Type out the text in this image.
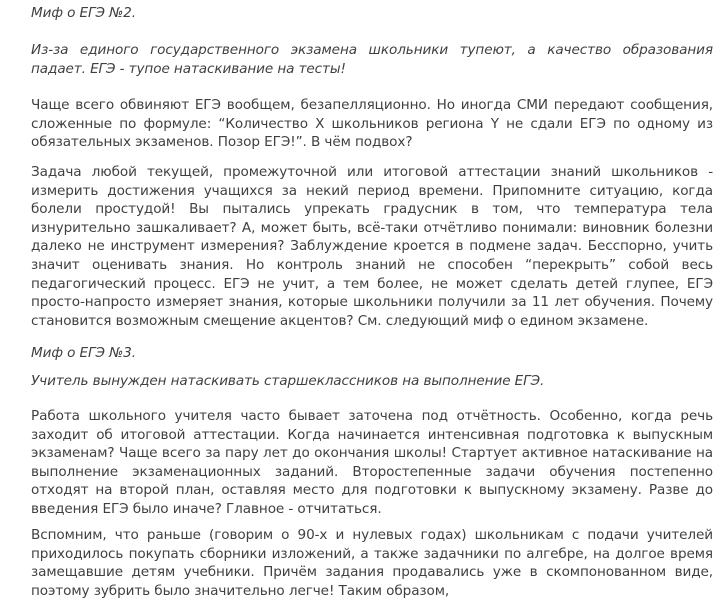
Миф о ЕГЭ №2.

Из-за единого государственного экзамена школьники тупеют, а качество образования падает. ЕГЭ - тупое натаскивание на тесты!

Чаще всего обвиняют ЕГЭ вообщем, безапелляционно. Но иногда СМИ передают сообщения, сложенные по формуле: “Количество X школьников региона Y не сдали ЕГЭ по одному из обязательных экзаменов. Позор ЕГЭ!”. В чём подвох?

Задача любой текущей, промежуточной или итоговой аттестации знаний школьников - измерить достижения учащихся за некий период времени. Припомните ситуацию, когда болели простудой! Вы пытались упрекать градусник в том, что температура тела изнурительно зашкаливает? А, может быть, всё-таки отчётливо понимали: виновник болезни далеко не инструмент измерения? Заблуждение кроется в подмене задач. Бесспорно, учить значит оценивать знания. Но контроль знаний не способен “перекрыть” собой весь педагогический процесс. ЕГЭ не учит, а тем более, не может сделать детей глупее, ЕГЭ просто-напросто измеряет знания, которые школьники получили за 11 лет обучения. Почему становится возможным смещение акцентов? См. следующий миф о едином экзамене.

Миф о ЕГЭ №3.

Учитель вынужден натаскивать старшеклассников на выполнение ЕГЭ.

Работа школьного учителя часто бывает заточена под отчётность. Особенно, когда речь заходит об итоговой аттестации. Когда начинается интенсивная подготовка к выпускным экзаменам? Чаще всего за пару лет до окончания школы! Стартует активное натаскивание на выполнение экзаменационных заданий. Второстепенные задачи обучения постепенно отходят на второй план, оставляя место для подготовки к выпускному экзамену. Разве до введения ЕГЭ было иначе? Главное - отчитаться.

Вспомним, что раньше (говорим о 90-х и нулевых годах) школьникам с подачи учителей приходилось покупать сборники изложений, а также задачники по алгебре, на долгое время замещавшие детям учебники. Причём задания продавались уже в скомпонованном виде, поэтому зубрить было значительно легче! Таким образом,
